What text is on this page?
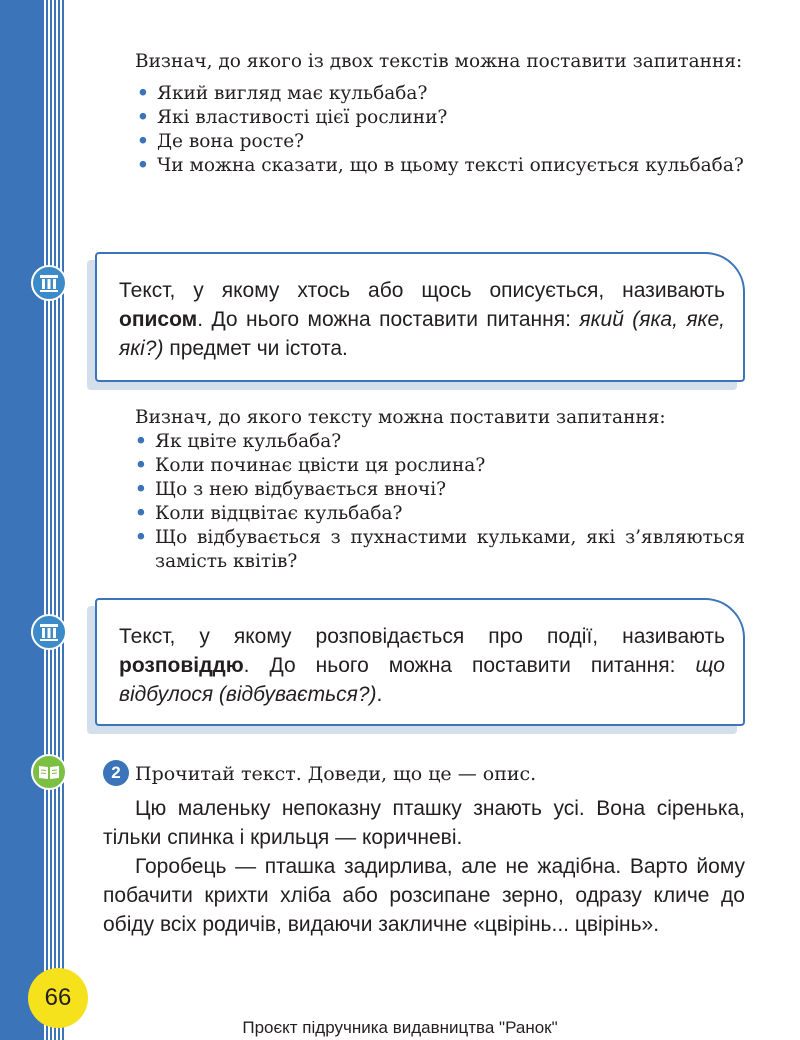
Визнач, до якого із двох текстів можна поставити запитання:

• Який вигляд має кульбаба?
• Які властивості цієї рослини?
• Де вона росте?
• Чи можна сказати, що в цьому тексті описується кульбаба?
Текст, у якому хтось або щось описується, називають описом. До нього можна поставити питання: який (яка, яке, які?) предмет чи істота.

Визнач, до якого тексту можна поставити запитання:

• Як цвіте кульбаба?
• Коли починає цвісти ця рослина?
• Що з нею відбувається вночі?
• Коли відцвітає кульбаба?
• Що відбувається з пухнастими кульками, які з’являються замість квітів?
Текст, у якому розповідається про події, називають розповіддю. До нього можна поставити питання: що відбулося (відбувається?).

2 Прочитай текст. Доведи, що це — опис.

Цю маленьку непоказну пташку знають усі. Вона сіренька, тільки спинка і крильця — коричневі.

Горобець — пташка задирлива, але не жадібна. Варто йому побачити крихти хліба або розсипане зерно, одразу кличе до обіду всіх родичів, видаючи закличне «цвірінь... цвірінь».

66
Проєкт підручника видавництва "Ранок"
